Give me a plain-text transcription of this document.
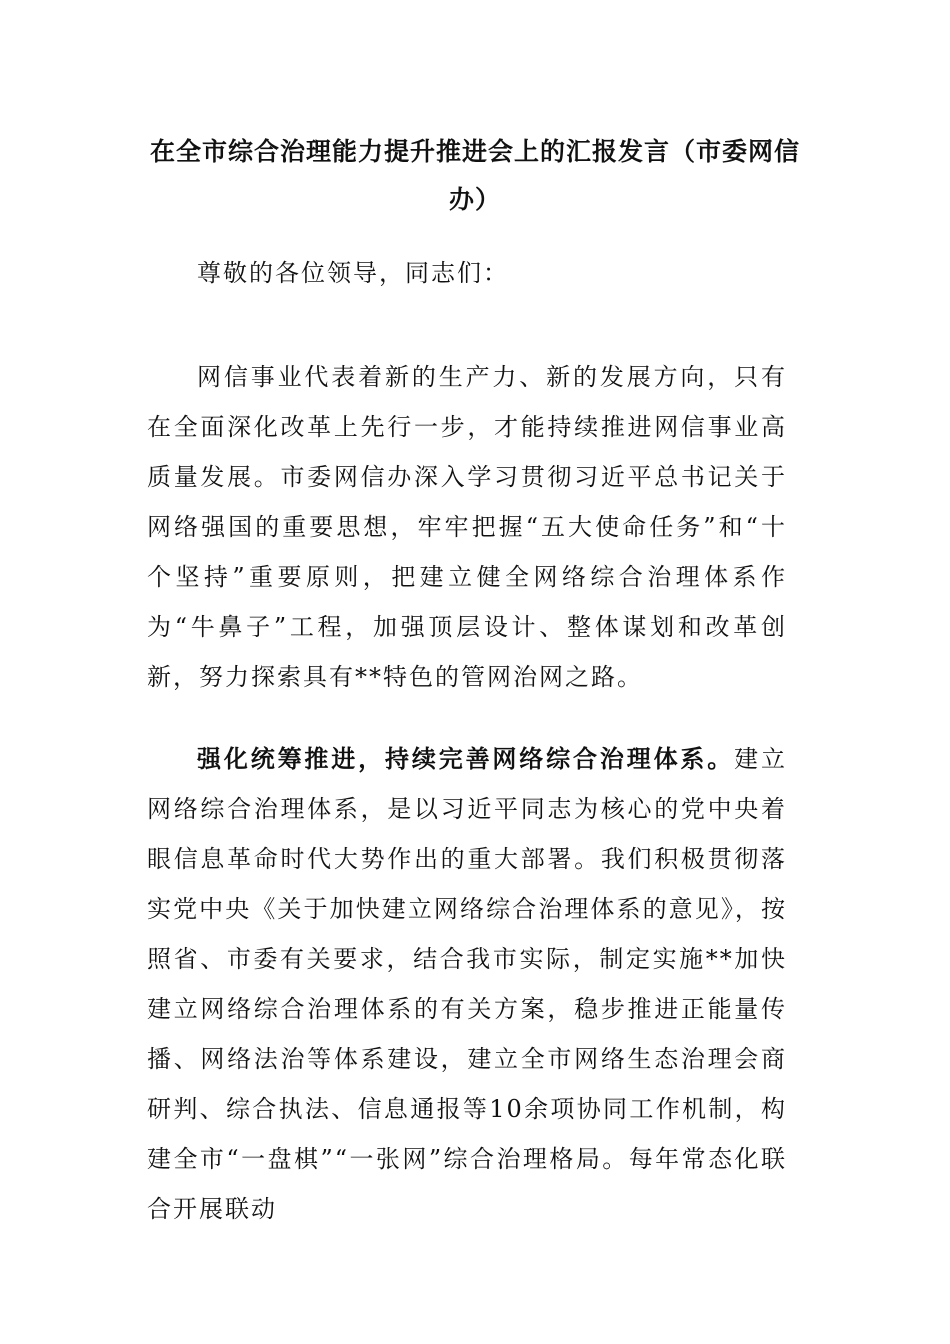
在全市综合治理能力提升推进会上的汇报发言（市委网信办）

尊敬的各位领导，同志们：

网信事业代表着新的生产力、新的发展方向，只有在全面深化改革上先行一步，才能持续推进网信事业高质量发展。市委网信办深入学习贯彻习近平总书记关于网络强国的重要思想，牢牢把握“五大使命任务”和“十个坚持”重要原则，把建立健全网络综合治理体系作为“牛鼻子”工程，加强顶层设计、整体谋划和改革创新，努力探索具有**特色的管网治网之路。

强化统筹推进，持续完善网络综合治理体系。建立网络综合治理体系，是以习近平同志为核心的党中央着眼信息革命时代大势作出的重大部署。我们积极贯彻落实党中央《关于加快建立网络综合治理体系的意见》，按照省、市委有关要求，结合我市实际，制定实施**加快建立网络综合治理体系的有关方案，稳步推进正能量传播、网络法治等体系建设，建立全市网络生态治理会商研判、综合执法、信息通报等10余项协同工作机制，构建全市“一盘棋”“一张网”综合治理格局。每年常态化联合开展联动
